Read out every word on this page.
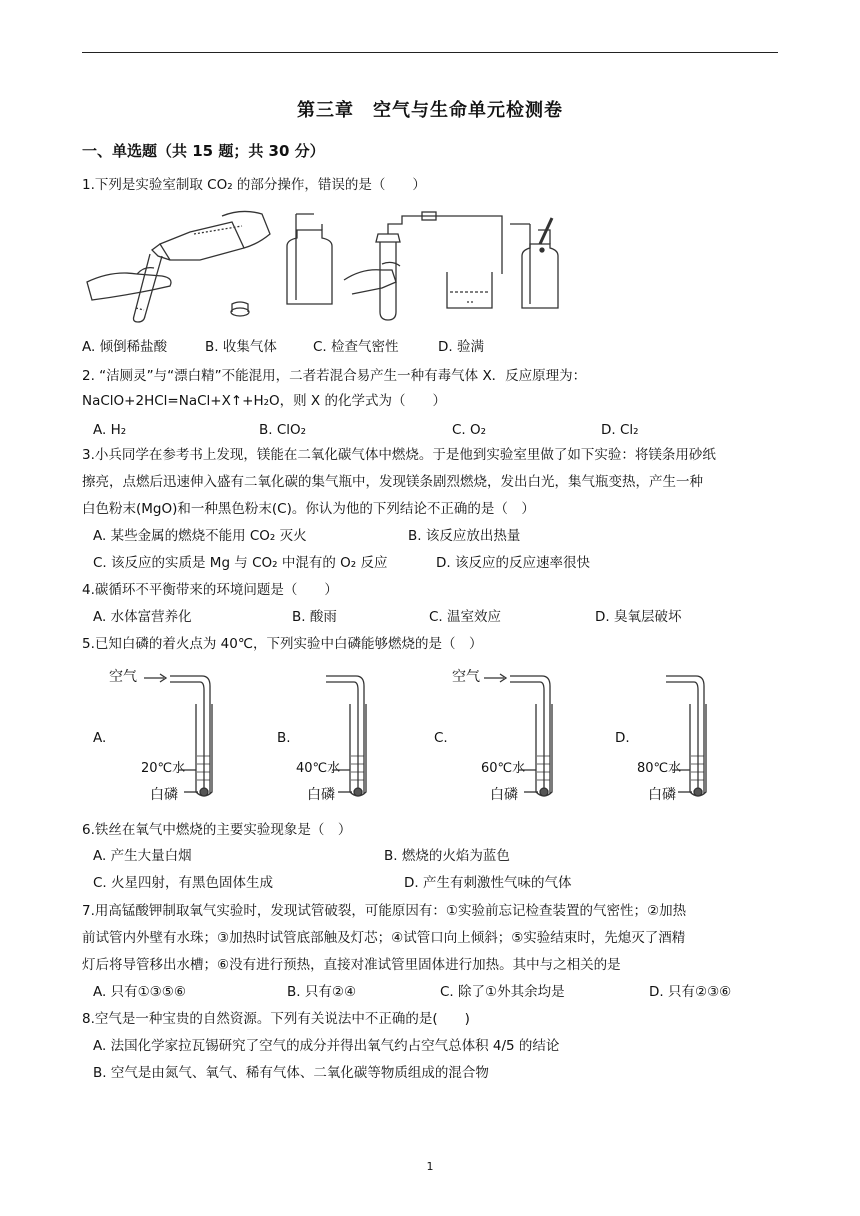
第三章　空气与生命单元检测卷
一、单选题（共 15 题；共 30 分）
1.下列是实验室制取 CO₂ 的部分操作，错误的是（　　）
A. 倾倒稀盐酸	B. 收集气体	C. 检查气密性	D. 验满
2. “洁厕灵”与“漂白精”不能混用，二者若混合易产生一种有毒气体 X．反应原理为：
NaClO+2HCl=NaCl+X↑+H₂O，则 X 的化学式为（　　）
A. H₂	B. ClO₂	C. O₂	D. Cl₂
3.小兵同学在参考书上发现，镁能在二氧化碳气体中燃烧。于是他到实验室里做了如下实验：将镁条用砂纸
擦亮，点燃后迅速伸入盛有二氧化碳的集气瓶中，发现镁条剧烈燃烧，发出白光，集气瓶变热，产生一种
白色粉末(MgO)和一种黑色粉末(C)。你认为他的下列结论不正确的是（　）
A. 某些金属的燃烧不能用 CO₂ 灭火	B. 该反应放出热量
C. 该反应的实质是 Mg 与 CO₂ 中混有的 O₂ 反应	D. 该反应的反应速率很快
4.碳循环不平衡带来的环境问题是（　　）
A. 水体富营养化	B. 酸雨	C. 温室效应	D. 臭氧层破坏
5.已知白磷的着火点为 40℃，下列实验中白磷能够燃烧的是（　）
A.	B.	C.	D.
空气
20℃水
白磷
40℃水
白磷
空气
60℃水
白磷
80℃水
白磷
6.铁丝在氧气中燃烧的主要实验现象是（　）
A. 产生大量白烟	B. 燃烧的火焰为蓝色
C. 火星四射，有黑色固体生成	D. 产生有刺激性气味的气体
7.用高锰酸钾制取氧气实验时，发现试管破裂，可能原因有：①实验前忘记检查装置的气密性；②加热
前试管内外壁有水珠；③加热时试管底部触及灯芯；④试管口向上倾斜；⑤实验结束时，先熄灭了酒精
灯后将导管移出水槽；⑥没有进行预热，直接对准试管里固体进行加热。其中与之相关的是
A. 只有①③⑤⑥	B. 只有②④	C. 除了①外其余均是	D. 只有②③⑥
8.空气是一种宝贵的自然资源。下列有关说法中不正确的是(　　)
A. 法国化学家拉瓦锡研究了空气的成分并得出氧气约占空气总体积 4/5 的结论
B. 空气是由氮气、氧气、稀有气体、二氧化碳等物质组成的混合物
1
